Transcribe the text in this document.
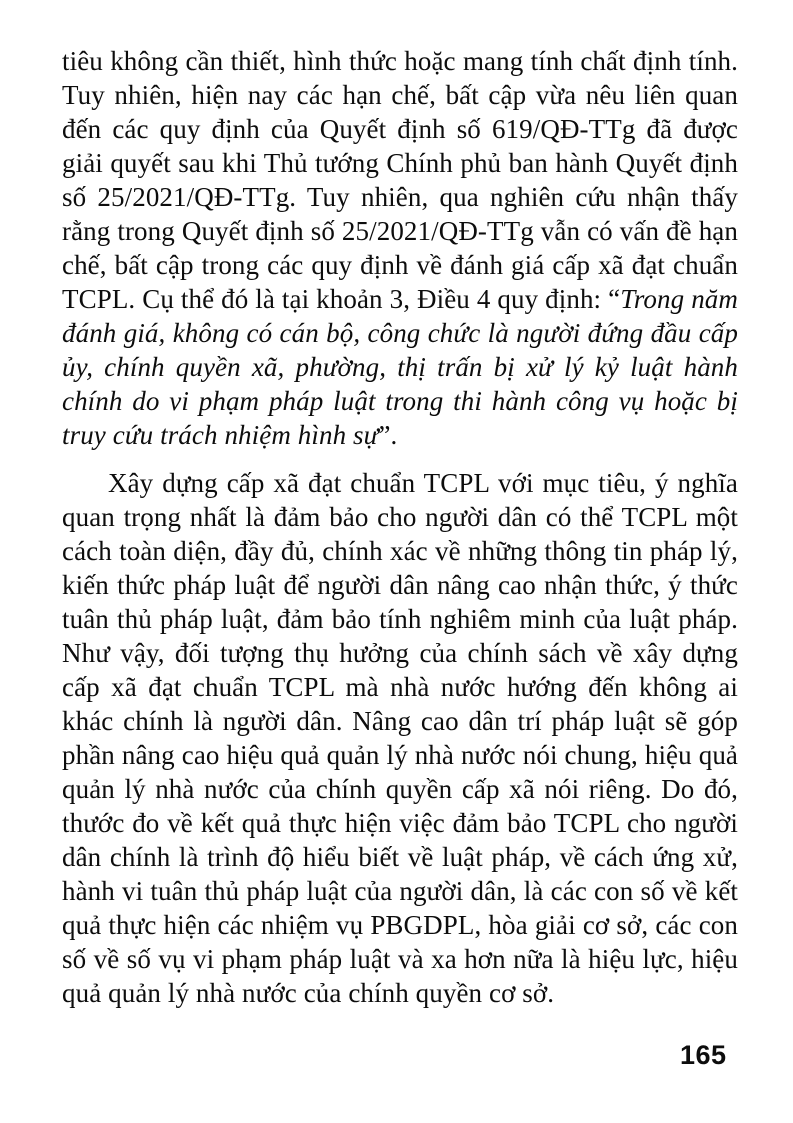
tiêu không cần thiết, hình thức hoặc mang tính chất định tính. Tuy nhiên, hiện nay các hạn chế, bất cập vừa nêu liên quan đến các quy định của Quyết định số 619/QĐ-TTg đã được giải quyết sau khi Thủ tướng Chính phủ ban hành Quyết định số 25/2021/QĐ-TTg. Tuy nhiên, qua nghiên cứu nhận thấy rằng trong Quyết định số 25/2021/QĐ-TTg vẫn có vấn đề hạn chế, bất cập trong các quy định về đánh giá cấp xã đạt chuẩn TCPL. Cụ thể đó là tại khoản 3, Điều 4 quy định: “Trong năm đánh giá, không có cán bộ, công chức là người đứng đầu cấp ủy, chính quyền xã, phường, thị trấn bị xử lý kỷ luật hành chính do vi phạm pháp luật trong thi hành công vụ hoặc bị truy cứu trách nhiệm hình sự”.

Xây dựng cấp xã đạt chuẩn TCPL với mục tiêu, ý nghĩa quan trọng nhất là đảm bảo cho người dân có thể TCPL một cách toàn diện, đầy đủ, chính xác về những thông tin pháp lý, kiến thức pháp luật để người dân nâng cao nhận thức, ý thức tuân thủ pháp luật, đảm bảo tính nghiêm minh của luật pháp. Như vậy, đối tượng thụ hưởng của chính sách về xây dựng cấp xã đạt chuẩn TCPL mà nhà nước hướng đến không ai khác chính là người dân. Nâng cao dân trí pháp luật sẽ góp phần nâng cao hiệu quả quản lý nhà nước nói chung, hiệu quả quản lý nhà nước của chính quyền cấp xã nói riêng. Do đó, thước đo về kết quả thực hiện việc đảm bảo TCPL cho người dân chính là trình độ hiểu biết về luật pháp, về cách ứng xử, hành vi tuân thủ pháp luật của người dân, là các con số về kết quả thực hiện các nhiệm vụ PBGDPL, hòa giải cơ sở, các con số về số vụ vi phạm pháp luật và xa hơn nữa là hiệu lực, hiệu quả quản lý nhà nước của chính quyền cơ sở.

165
